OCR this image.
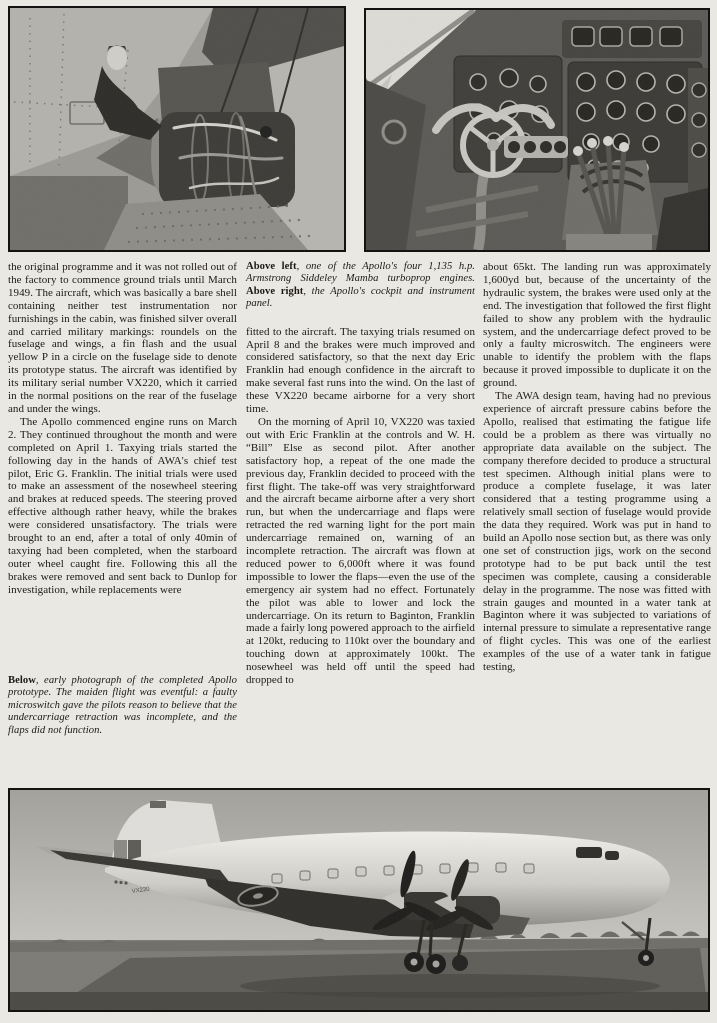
the original programme and it was not rolled out of the factory to commence ground trials until March 1949. The aircraft, which was basically a bare shell containing neither test instrumentation nor furnishings in the cabin, was finished silver overall and carried military markings: roundels on the fuselage and wings, a fin flash and the usual yellow P in a circle on the fuselage side to denote its prototype status. The aircraft was identified by its military serial number VX220, which it carried in the normal positions on the rear of the fuselage and under the wings.

The Apollo commenced engine runs on March 2. They continued throughout the month and were completed on April 1. Taxying trials started the following day in the hands of AWA's chief test pilot, Eric G. Franklin. The initial trials were used to make an assessment of the nosewheel steering and brakes at reduced speeds. The steering proved effective although rather heavy, while the brakes were considered unsatisfactory. The trials were brought to an end, after a total of only 40min of taxying had been completed, when the starboard outer wheel caught fire. Following this all the brakes were removed and sent back to Dunlop for investigation, while replacements were

Below, early photograph of the completed Apollo prototype. The maiden flight was eventful: a faulty microswitch gave the pilots reason to believe that the undercarriage retraction was incomplete, and the flaps did not function.
Above left, one of the Apollo's four 1,135 h.p. Armstrong Siddeley Mamba turboprop engines. Above right, the Apollo's cockpit and instrument panel.

fitted to the aircraft. The taxying trials resumed on April 8 and the brakes were much improved and considered satisfactory, so that the next day Eric Franklin had enough confidence in the aircraft to make several fast runs into the wind. On the last of these VX220 became airborne for a very short time.

On the morning of April 10, VX220 was taxied out with Eric Franklin at the controls and W. H. “Bill” Else as second pilot. After another satisfactory hop, a repeat of the one made the previous day, Franklin decided to proceed with the first flight. The take-off was very straightforward and the aircraft became airborne after a very short run, but when the undercarriage and flaps were retracted the red warning light for the port main undercarriage remained on, warning of an incomplete retraction. The aircraft was flown at reduced power to 6,000ft where it was found impossible to lower the flaps—even the use of the emergency air system had no effect. Fortunately the pilot was able to lower and lock the undercarriage. On its return to Baginton, Franklin made a fairly long powered approach to the airfield at 120kt, reducing to 110kt over the boundary and touching down at approximately 100kt. The nosewheel was held off until the speed had dropped to

about 65kt. The landing run was approximately 1,600yd but, because of the uncertainty of the hydraulic system, the brakes were used only at the end. The investigation that followed the first flight failed to show any problem with the hydraulic system, and the undercarriage defect proved to be only a faulty microswitch. The engineers were unable to identify the problem with the flaps because it proved impossible to duplicate it on the ground.

The AWA design team, having had no previous experience of aircraft pressure cabins before the Apollo, realised that estimating the fatigue life could be a problem as there was virtually no appropriate data available on the subject. The company therefore decided to produce a structural test specimen. Although initial plans were to produce a complete fuselage, it was later considered that a testing programme using a relatively small section of fuselage would provide the data they required. Work was put in hand to build an Apollo nose section but, as there was only one set of construction jigs, work on the second prototype had to be put back until the test specimen was complete, causing a considerable delay in the programme. The nose was fitted with strain gauges and mounted in a water tank at Baginton where it was subjected to variations of internal pressure to simulate a representative range of flight cycles. This was one of the earliest examples of the use of a water tank in fatigue testing,

VX220
